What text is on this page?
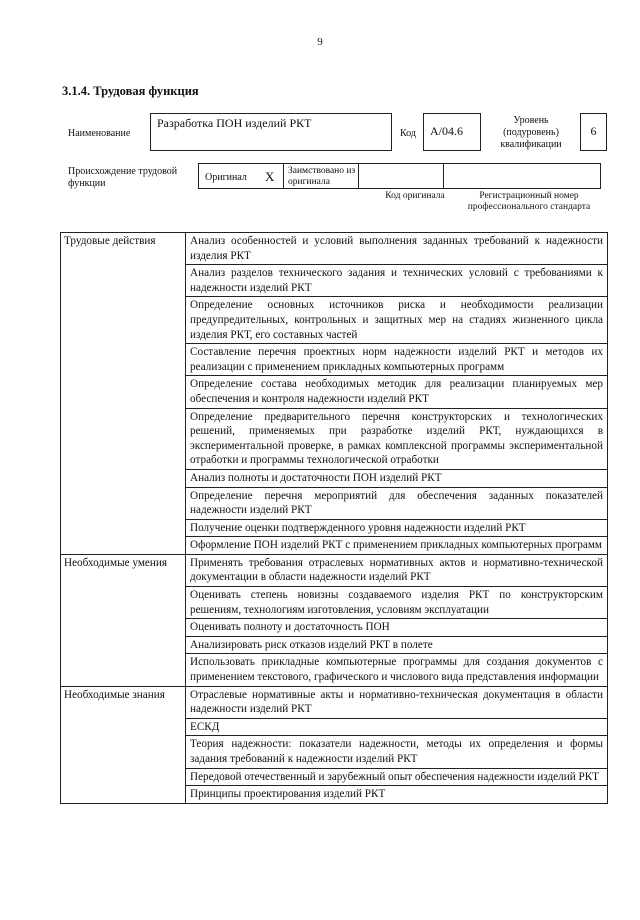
9
3.1.4. Трудовая функция
Наименование
Разработка ПОН изделий РКТ
Код	A/04.6
Уровень (подуровень) квалификации
6
Происхождение трудовой функции
Оригинал X Заимствовано из оригинала
Код оригинала	Регистрационный номер профессионального стандарта
Трудовые действия	Анализ особенностей и условий выполнения заданных требований к надежности изделия РКТ
	Анализ разделов технического задания и технических условий с требованиями к надежности изделий РКТ
	Определение основных источников риска и необходимости реализации предупредительных, контрольных и защитных мер на стадиях жизненного цикла изделия РКТ, его составных частей
	Составление перечня проектных норм надежности изделий РКТ и методов их реализации с применением прикладных компьютерных программ
	Определение состава необходимых методик для реализации планируемых мер обеспечения и контроля надежности изделий РКТ
	Определение предварительного перечня конструкторских и технологических решений, применяемых при разработке изделий РКТ, нуждающихся в экспериментальной проверке, в рамках комплексной программы экспериментальной отработки и программы технологической отработки
	Анализ полноты и достаточности ПОН изделий РКТ
	Определение перечня мероприятий для обеспечения заданных показателей надежности изделий РКТ
	Получение оценки подтвержденного уровня надежности изделий РКТ
	Оформление ПОН изделий РКТ с применением прикладных компьютерных программ
Необходимые умения	Применять требования отраслевых нормативных актов и нормативно-технической документации в области надежности изделий РКТ
	Оценивать степень новизны создаваемого изделия РКТ по конструкторским решениям, технологиям изготовления, условиям эксплуатации
	Оценивать полноту и достаточность ПОН
	Анализировать риск отказов изделий РКТ в полете
	Использовать прикладные компьютерные программы для создания документов с применением текстового, графического и числового вида представления информации
Необходимые знания	Отраслевые нормативные акты и нормативно-техническая документация в области надежности изделий РКТ
	ЕСКД
	Теория надежности: показатели надежности, методы их определения и формы задания требований к надежности изделий РКТ
	Передовой отечественный и зарубежный опыт обеспечения надежности изделий РКТ
	Принципы проектирования изделий РКТ
